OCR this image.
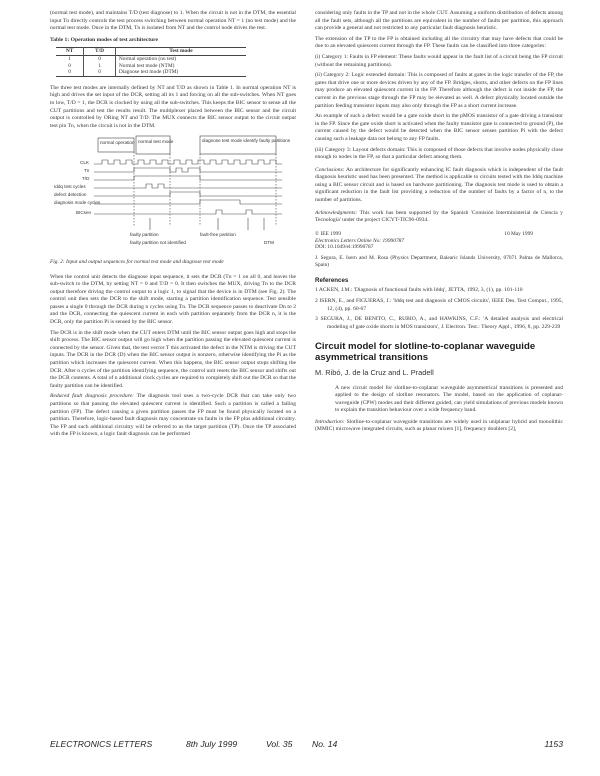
(normal test mode), and maintains T/D (test diagnose) to 1. When the circuit is not in the DTM, the essential input Tn directly controls the test process switching between normal operation NT = 1 (no test mode) and the normal test mode. Once in the DTM, Tn is isolated from NT and the control node drives the test.

Table 1: Operation modes of test architecture
NT	T/D	Test mode
1	0	Normal operation (no test)
0	1	Normal test mode (NTM)
0	0	Diagnose test mode (DTM)

The three test modes are internally defined by NT and T/D as shown in Table 1. In normal operation NT is high and drives the set input of the DCR, setting all its 1 and forcing on all the sub-switches. When NT goes to low, T/D = 1, the DCR is clocked by using all the sub-switches. This keeps the BIC sensor to sense all the CUT partitions and test the results result. The multiplexer placed between the BIC sensor and the circuit output is controlled by ORing NT and T/D. The MUX connects the BIC sensor output to the circuit output test pin Tn, when the circuit is not in the DTM.

normal operation normal test mode	diagnose test mode identify faulty partitions
CLK
Tn
T/D
Iddq test cycles
defect detection
diagnosis mode cycles
BICsen
faulty partition	fault-free partition
faulty partition not identified	DTM
Fig. 2: Input and output sequences for normal test mode and diagnose test mode

When the control unit detects the diagnose input sequence, it sets the DCR (Tn = 1 on all 0, and leaves the sub-switch to the DTM, by setting NT = 0 and T/D = 0. It then switches the MUX, driving Tn to the DCR output therefore driving the control output to a logic 1, to signal that the device is in DTM (see Fig. 2). The control unit then sets the DCR to the shift mode, starting a partition identification sequence. Test sensible passes a single 0 through the DCR during n cycles using Tn. The DCR sequence passes to deactivate Dn to 2 and the DCR, connecting the quiescent current in each with partition separately from the DCR n, it is the DCR, only the partition Pi is sensed by the BIC sensor.

The DCR is in the shift mode when the CUT enters DTM until the BIC sensor output goes high and stops the shift process. The BIC sensor output will go high when the partition passing the elevated quiescent current is connected by the sensor. Given that, the test vector T this activated the defect in the NTM is driving the CUT inputs. The DCR in the DCR (D) when the BIC sensor output is nonzero, otherwise identifying the Pi as the partition which increases the quiescent current. When this happens, the BIC sensor output stops shifting the DCR. After n cycles of the partition identifying sequence, the control unit resets the BIC sensor and shifts out the DCR contents. A total of n additional clock cycles are required to completely shift out the DCR so that the faulty partition can be identified.

Reduced fault diagnosis procedure: The diagnosis tool uses a two-cycle DCR that can take only two partitions so that passing the elevated quiescent current is identified. Such a partition is called a failing partition (FP). The defect causing a given partition passes the FP must be found physically located on a partition. Therefore, logic-based fault diagnosis may concentrate on faults in the FP plus additional circuitry. The FP and such additional circuitry will be referred to as the target partition (TP). Once the TP associated with the FP is known, a logic fault diagnosis can be performed

considering only faults in the TP and not in the whole CUT. Assuming a uniform distribution of defects among all the fault sets, although all the partitions are equivalent in the number of faults per partition, this approach can provide a general and not restricted to any particular fault diagnosis heuristic.

The extension of the TP to the FP is obtained including all the circuitry that may have defects that could be due to an elevated quiescent current through the FP. These faults can be classified into three categories:

(i) Category 1: Faults in FP element: These faults would appear in the fault list of a circuit being the FP circuit (without the remaining partitions).

(ii) Category 2: Logic extended domain: This is composed of faults at gates in the logic transfer of the FP, the gates that drive one or more devices driven by any of the FP. Bridges, shorts, and other defects on the FP lines may produce an elevated quiescent current in the FP. Therefore although the defect is not inside the FP, the current in the previous stage through the FP may be elevated as well. A defect physically located outside the partition feeding transistor inputs may also only through the FP as a short current increase.

An example of such a defect would be a gate oxide short in the pMOS transistor of a gate driving a transistor in the FP. Since the gate oxide short is activated when the faulty transistor gate is connected to ground (P), the current caused by the defect would be detected when the BIC sensor senses partition Pi with the defect causing such a leakage data not belong to any FP faults.

(iii) Category 3: Layout defects domain: This is composed of those defects that involve nodes physically close enough to nodes in the FP, so that a particular defect among them.

Conclusions: An architecture for significantly enhancing IC fault diagnosis which is independent of the fault diagnosis heuristic used has been presented. The method is applicable to circuits tested with the Iddq machine using a BIC sensor circuit and is based on hardware partitioning. The diagnosis test mode is used to obtain a significant reduction in the fault list providing a reduction of the number of faults by a factor of n, to the number of partitions.

Acknowledgments: This work has been supported by the Spanish 'Comisión Interministerial de Ciencia y Tecnología' under the project CICYT-TIC96-0934.

© IEE 1999	10 May 1999
Electronics Letters Online No: 19990787
DOI: 10.1049/el:19990787
J. Segura, E. Isern and M. Rosa (Physics Department, Balearic Islands University, 07071 Palma de Mallorca, Spain)
References
1 ACKEN, J.M.: 'Diagnosis of functional faults with Iddq', JETTA, 1992, 3, (1), pp. 101-110
2 ISERN, E., and FIGUERAS, J.: 'Iddq test and diagnosis of CMOS circuits', IEEE Des. Test Comput., 1995, 12, (4), pp. 60-67
3 SEGURA, J., DE BENITO, C., RUBIO, A., and HAWKINS, C.F.: 'A detailed analysis and electrical modeling of gate oxide shorts in MOS transistors', J. Electron. Test.: Theory Appl., 1996, 8, pp. 229-239
Circuit model for slotline-to-coplanar waveguide asymmetrical transitions
M. Ribó, J. de la Cruz and L. Pradell

A new circuit model for slotline-to-coplanar waveguide asymmetrical transitions is presented and applied to the design of slotline resonators. The model, based on the application of coplanar-waveguide (CPW) modes and their different guided, can yield simulations of previous models known to explain the transition behaviour over a wide frequency band.

Introduction: Slotline-to-coplanar waveguide transitions are widely used in uniplanar hybrid and monolithic (MMIC) microwave integrated circuits, such as planar mixers [1], frequency doublers [2],

ELECTRONICS LETTERS	8th July 1999	Vol. 35 No. 14	1153
